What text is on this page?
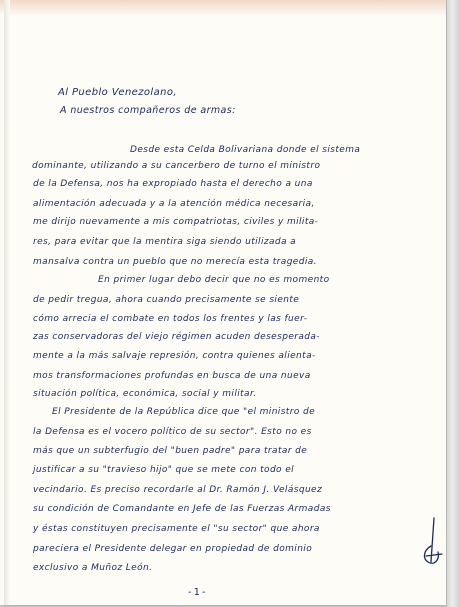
Al Pueblo Venezolano,
A nuestros compañeros de armas:
Desde esta Celda Bolivariana donde el sistema
dominante, utilizando a su cancerbero de turno el ministro
de la Defensa, nos ha expropiado hasta el derecho a una
alimentación adecuada y a la atención médica necesaria,
me dirijo nuevamente a mis compatriotas, civiles y milita-
res, para evitar que la mentira siga siendo utilizada a
mansalva contra un pueblo que no merecía esta tragedia.
En primer lugar debo decir que no es momento
de pedir tregua, ahora cuando precisamente se siente
cómo arrecia el combate en todos los frentes y las fuer-
zas conservadoras del viejo régimen acuden desesperada-
mente a la más salvaje represión, contra quienes alienta-
mos transformaciones profundas en busca de una nueva
situación política, económica, social y militar.
El Presidente de la República dice que "el ministro de
la Defensa es el vocero político de su sector". Esto no es
más que un subterfugio del "buen padre" para tratar de
justificar a su "travieso hijo" que se mete con todo el
vecindario. Es preciso recordarle al Dr. Ramón J. Velásquez
su condición de Comandante en Jefe de las Fuerzas Armadas
y éstas constituyen precisamente el "su sector" que ahora
pareciera el Presidente delegar en propiedad de dominio
exclusivo a Muñoz León.
-1-
